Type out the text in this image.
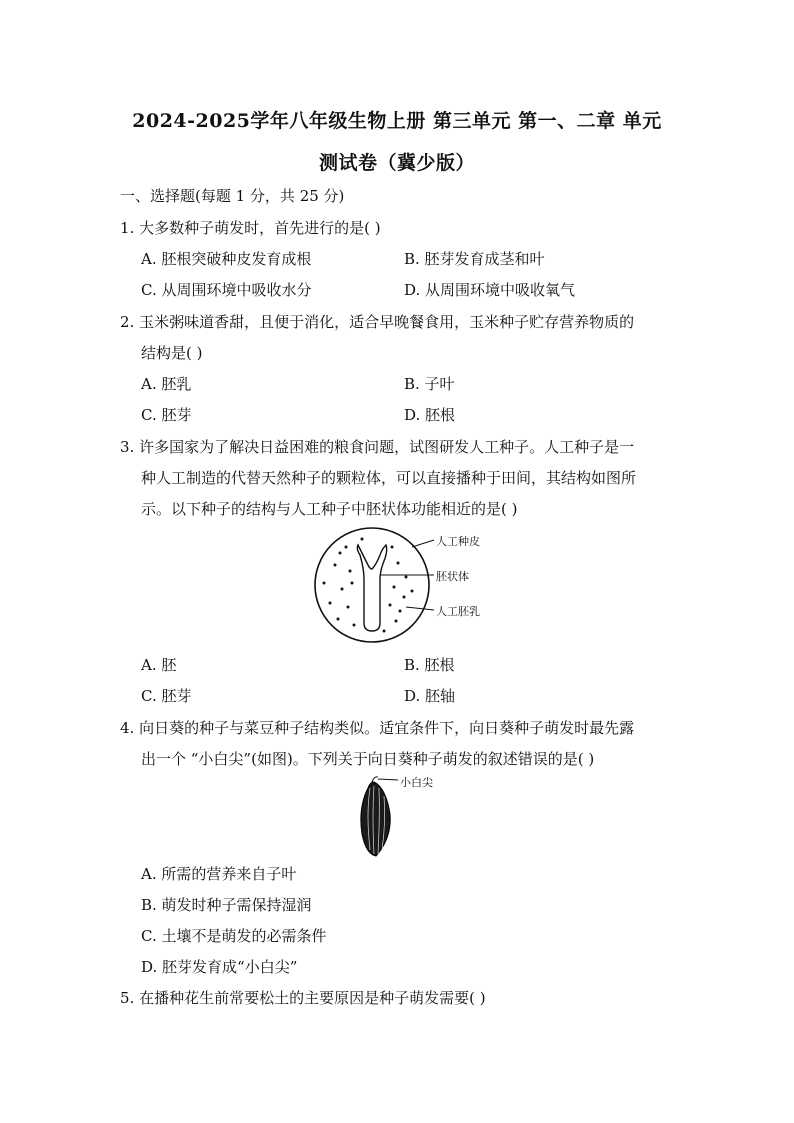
2024-2025学年八年级生物上册 第三单元 第一、二章 单元
测试卷（冀少版）
一、选择题(每题 1 分，共 25 分)
1. 大多数种子萌发时，首先进行的是( )
A. 胚根突破种皮发育成根	B. 胚芽发育成茎和叶
C. 从周围环境中吸收水分	D. 从周围环境中吸收氧气
2. 玉米粥味道香甜，且便于消化，适合早晚餐食用，玉米种子贮存营养物质的
结构是( )
A. 胚乳	B. 子叶
C. 胚芽	D. 胚根
3. 许多国家为了解决日益困难的粮食问题，试图研发人工种子。人工种子是一
种人工制造的代替天然种子的颗粒体，可以直接播种于田间，其结构如图所
示。以下种子的结构与人工种子中胚状体功能相近的是( )
人工种皮
胚状体
人工胚乳
A. 胚	B. 胚根
C. 胚芽	D. 胚轴
4. 向日葵的种子与菜豆种子结构类似。适宜条件下，向日葵种子萌发时最先露
出一个 “小白尖”(如图)。下列关于向日葵种子萌发的叙述错误的是( )
小白尖
A. 所需的营养来自子叶
B. 萌发时种子需保持湿润
C. 土壤不是萌发的必需条件
D. 胚芽发育成“小白尖”
5. 在播种花生前常要松土的主要原因是种子萌发需要( )
